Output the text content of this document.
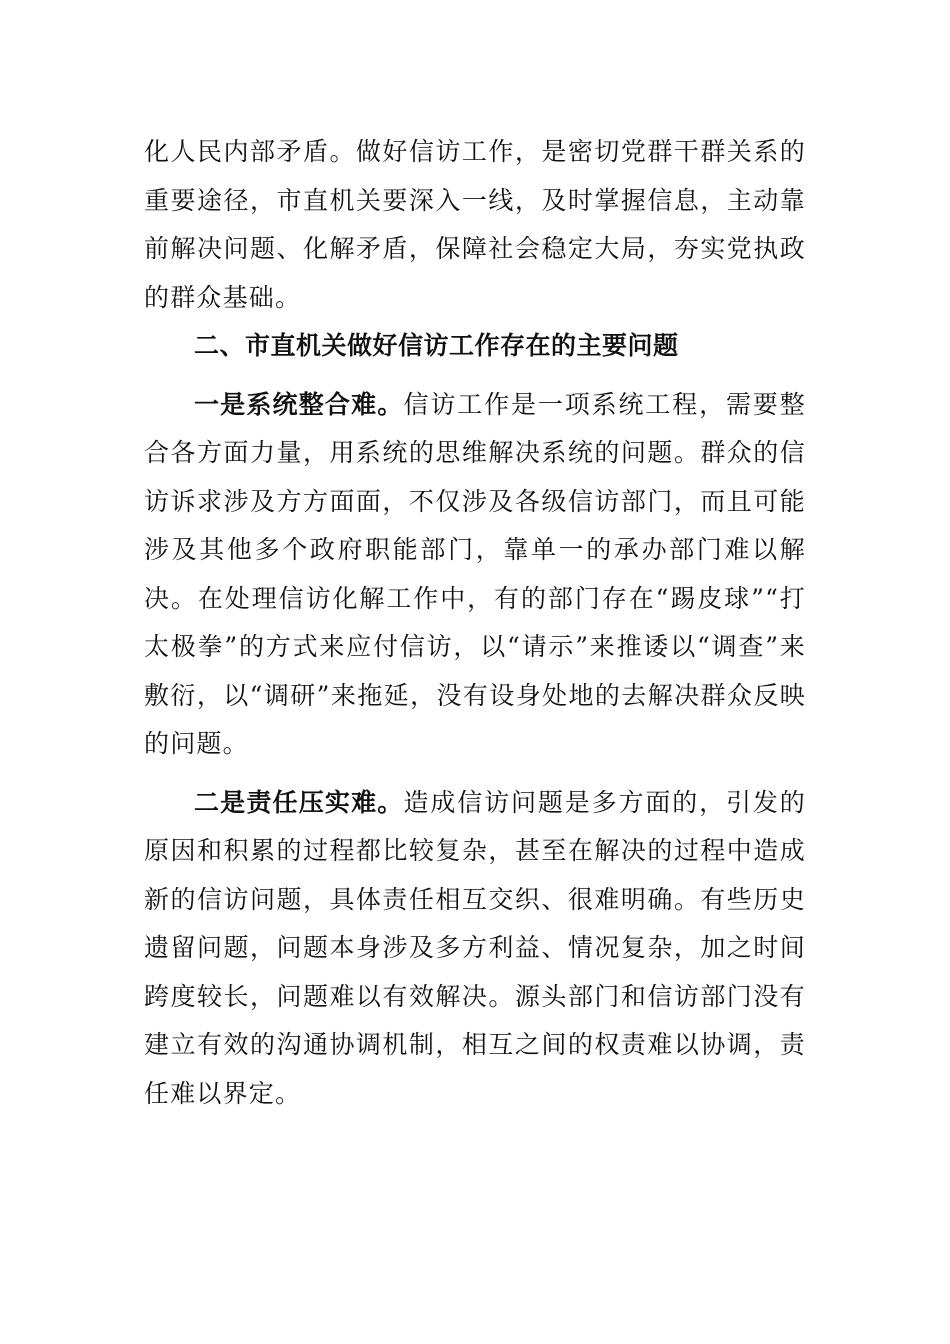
化人民内部矛盾。做好信访工作，是密切党群干群关系的重要途径，市直机关要深入一线，及时掌握信息，主动靠前解决问题、化解矛盾，保障社会稳定大局，夯实党执政的群众基础。

二、市直机关做好信访工作存在的主要问题

一是系统整合难。信访工作是一项系统工程，需要整合各方面力量，用系统的思维解决系统的问题。群众的信访诉求涉及方方面面，不仅涉及各级信访部门，而且可能涉及其他多个政府职能部门，靠单一的承办部门难以解决。在处理信访化解工作中，有的部门存在“踢皮球”“打太极拳”的方式来应付信访，以“请示”来推诿以“调查”来敷衍，以“调研”来拖延，没有设身处地的去解决群众反映的问题。

二是责任压实难。造成信访问题是多方面的，引发的原因和积累的过程都比较复杂，甚至在解决的过程中造成新的信访问题，具体责任相互交织、很难明确。有些历史遗留问题，问题本身涉及多方利益、情况复杂，加之时间跨度较长，问题难以有效解决。源头部门和信访部门没有建立有效的沟通协调机制，相互之间的权责难以协调，责任难以界定。
